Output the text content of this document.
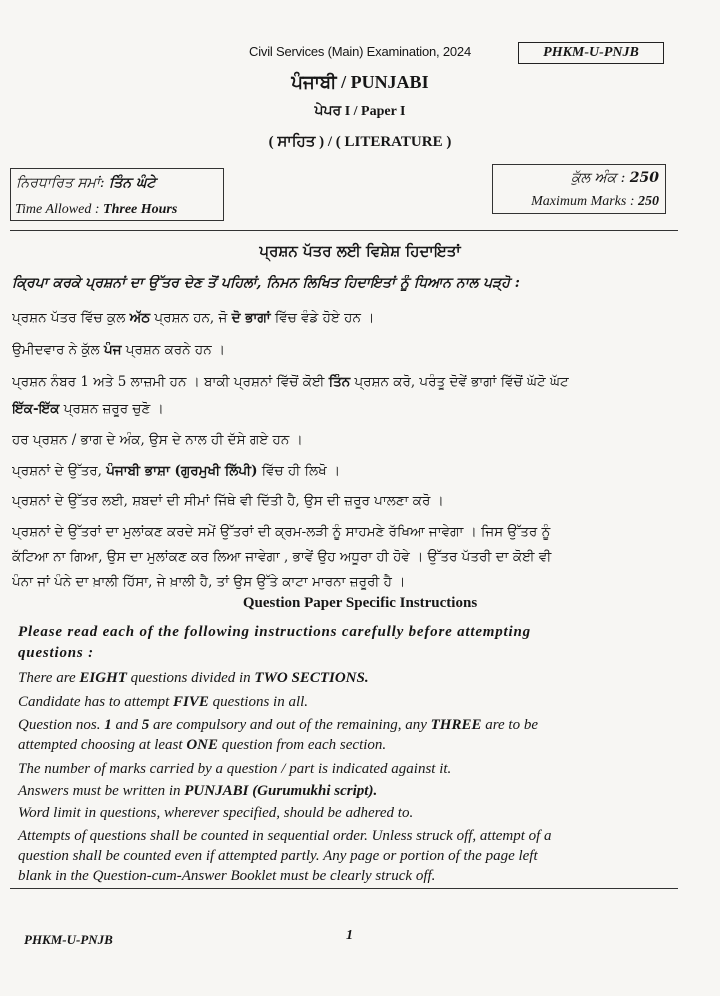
Civil Services (Main) Examination, 2024	PHKM-U-PNJB
ਪੰਜਾਬੀ / PUNJABI
ਪੇਪਰ I / Paper I
( ਸਾਹਿਤ ) / ( LITERATURE )
ਨਿਰਧਾਰਿਤ ਸਮਾਂ: ਤਿੰਨ ਘੰਟੇ
Time Allowed : Three Hours
ਕੁੱਲ ਅੰਕ : 250
Maximum Marks : 250
ਪ੍ਰਸ਼ਨ ਪੱਤਰ ਲਈ ਵਿਸ਼ੇਸ਼ ਹਿਦਾਇਤਾਂ
ਕ੍ਰਿਪਾ ਕਰਕੇ ਪ੍ਰਸ਼ਨਾਂ ਦਾ ਉੱਤਰ ਦੇਣ ਤੋਂ ਪਹਿਲਾਂ, ਨਿਮਨ ਲਿਖਿਤ ਹਿਦਾਇਤਾਂ ਨੂੰ ਧਿਆਨ ਨਾਲ ਪੜ੍ਹੋ :
ਪ੍ਰਸ਼ਨ ਪੱਤਰ ਵਿੱਚ ਕੁਲ ਅੱਠ ਪ੍ਰਸ਼ਨ ਹਨ, ਜੋ ਦੋ ਭਾਗਾਂ ਵਿੱਚ ਵੰਡੇ ਹੋਏ ਹਨ ।
ਉਮੀਦਵਾਰ ਨੇ ਕੁੱਲ ਪੰਜ ਪ੍ਰਸ਼ਨ ਕਰਨੇ ਹਨ ।
ਪ੍ਰਸ਼ਨ ਨੰਬਰ 1 ਅਤੇ 5 ਲਾਜ਼ਮੀ ਹਨ । ਬਾਕੀ ਪ੍ਰਸ਼ਨਾਂ ਵਿੱਚੋਂ ਕੋਈ ਤਿੰਨ ਪ੍ਰਸ਼ਨ ਕਰੋ, ਪਰੰਤੂ ਦੋਵੇਂ ਭਾਗਾਂ ਵਿੱਚੋਂ ਘੱਟੋ ਘੱਟ
ਇੱਕ-ਇੱਕ ਪ੍ਰਸ਼ਨ ਜ਼ਰੂਰ ਚੁਣੋ ।
ਹਰ ਪ੍ਰਸ਼ਨ / ਭਾਗ ਦੇ ਅੰਕ, ਉਸ ਦੇ ਨਾਲ ਹੀ ਦੱਸੇ ਗਏ ਹਨ ।
ਪ੍ਰਸ਼ਨਾਂ ਦੇ ਉੱਤਰ, ਪੰਜਾਬੀ ਭਾਸ਼ਾ (ਗੁਰਮੁਖੀ ਲਿੱਪੀ) ਵਿੱਚ ਹੀ ਲਿਖੋ ।
ਪ੍ਰਸ਼ਨਾਂ ਦੇ ਉੱਤਰ ਲਈ, ਸ਼ਬਦਾਂ ਦੀ ਸੀਮਾਂ ਜਿੱਥੇ ਵੀ ਦਿੱਤੀ ਹੈ, ਉਸ ਦੀ ਜ਼ਰੂਰ ਪਾਲਣਾ ਕਰੋ ।
ਪ੍ਰਸ਼ਨਾਂ ਦੇ ਉੱਤਰਾਂ ਦਾ ਮੁਲਾਂਕਣ ਕਰਦੇ ਸਮੇਂ ਉੱਤਰਾਂ ਦੀ ਕ੍ਰਮ-ਲੜੀ ਨੂੰ ਸਾਹਮਣੇ ਰੱਖਿਆ ਜਾਵੇਗਾ । ਜਿਸ ਉੱਤਰ ਨੂੰ
ਕੱਟਿਆ ਨਾ ਗਿਆ, ਉਸ ਦਾ ਮੁਲਾਂਕਣ ਕਰ ਲਿਆ ਜਾਵੇਗਾ , ਭਾਵੇਂ ਉਹ ਅਧੂਰਾ ਹੀ ਹੋਵੇ । ਉੱਤਰ ਪੱਤਰੀ ਦਾ ਕੋਈ ਵੀ
ਪੰਨਾ ਜਾਂ ਪੰਨੇ ਦਾ ਖ਼ਾਲੀ ਹਿੱਸਾ, ਜੇ ਖ਼ਾਲੀ ਹੈ, ਤਾਂ ਉਸ ਉੱਤੇ ਕਾਟਾ ਮਾਰਨਾ ਜ਼ਰੂਰੀ ਹੈ ।
Question Paper Specific Instructions
Please read each of the following instructions carefully before attempting
questions :
There are EIGHT questions divided in TWO SECTIONS.
Candidate has to attempt FIVE questions in all.
Question nos. 1 and 5 are compulsory and out of the remaining, any THREE are to be
attempted choosing at least ONE question from each section.
The number of marks carried by a question / part is indicated against it.
Answers must be written in PUNJABI (Gurumukhi script).
Word limit in questions, wherever specified, should be adhered to.
Attempts of questions shall be counted in sequential order. Unless struck off, attempt of a
question shall be counted even if attempted partly. Any page or portion of the page left
blank in the Question-cum-Answer Booklet must be clearly struck off.
PHKM-U-PNJB	1
